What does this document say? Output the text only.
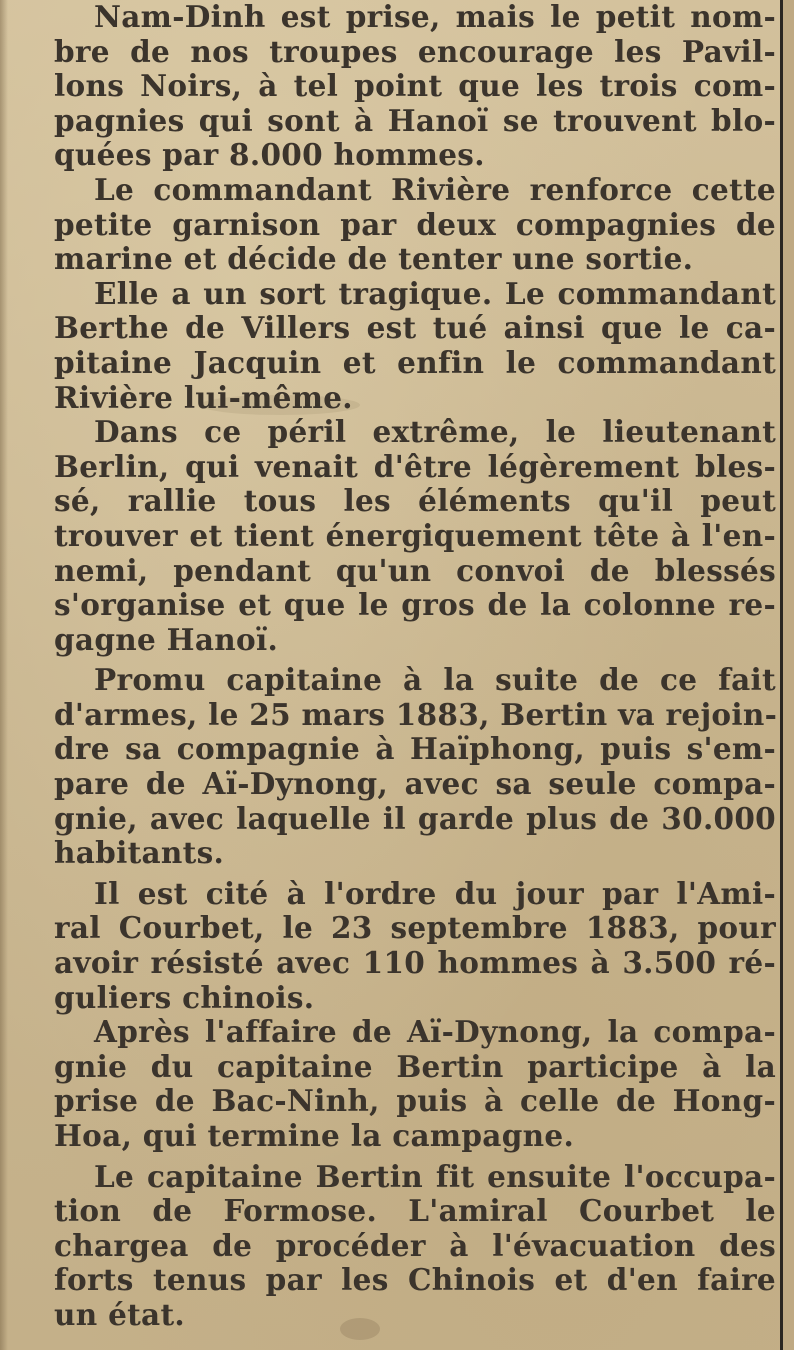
Nam-Dinh est prise, mais le petit nom-
bre de nos troupes encourage les Pavil-
lons Noirs, à tel point que les trois com-
pagnies qui sont à Hanoï se trouvent blo-
quées par 8.000 hommes.
Le commandant Rivière renforce cette
petite garnison par deux compagnies de
marine et décide de tenter une sortie.
Elle a un sort tragique. Le commandant
Berthe de Villers est tué ainsi que le ca-
pitaine Jacquin et enfin le commandant
Rivière lui-même.
Dans ce péril extrême, le lieutenant
Berlin, qui venait d'être légèrement bles-
sé, rallie tous les éléments qu'il peut
trouver et tient énergiquement tête à l'en-
nemi, pendant qu'un convoi de blessés
s'organise et que le gros de la colonne re-
gagne Hanoï.
Promu capitaine à la suite de ce fait
d'armes, le 25 mars 1883, Bertin va rejoin-
dre sa compagnie à Haïphong, puis s'em-
pare de Aï-Dynong, avec sa seule compa-
gnie, avec laquelle il garde plus de 30.000
habitants.
Il est cité à l'ordre du jour par l'Ami-
ral Courbet, le 23 septembre 1883, pour
avoir résisté avec 110 hommes à 3.500 ré-
guliers chinois.
Après l'affaire de Aï-Dynong, la compa-
gnie du capitaine Bertin participe à la
prise de Bac-Ninh, puis à celle de Hong-
Hoa, qui termine la campagne.
Le capitaine Bertin fit ensuite l'occupa-
tion de Formose. L'amiral Courbet le
chargea de procéder à l'évacuation des
forts tenus par les Chinois et d'en faire
un état.
